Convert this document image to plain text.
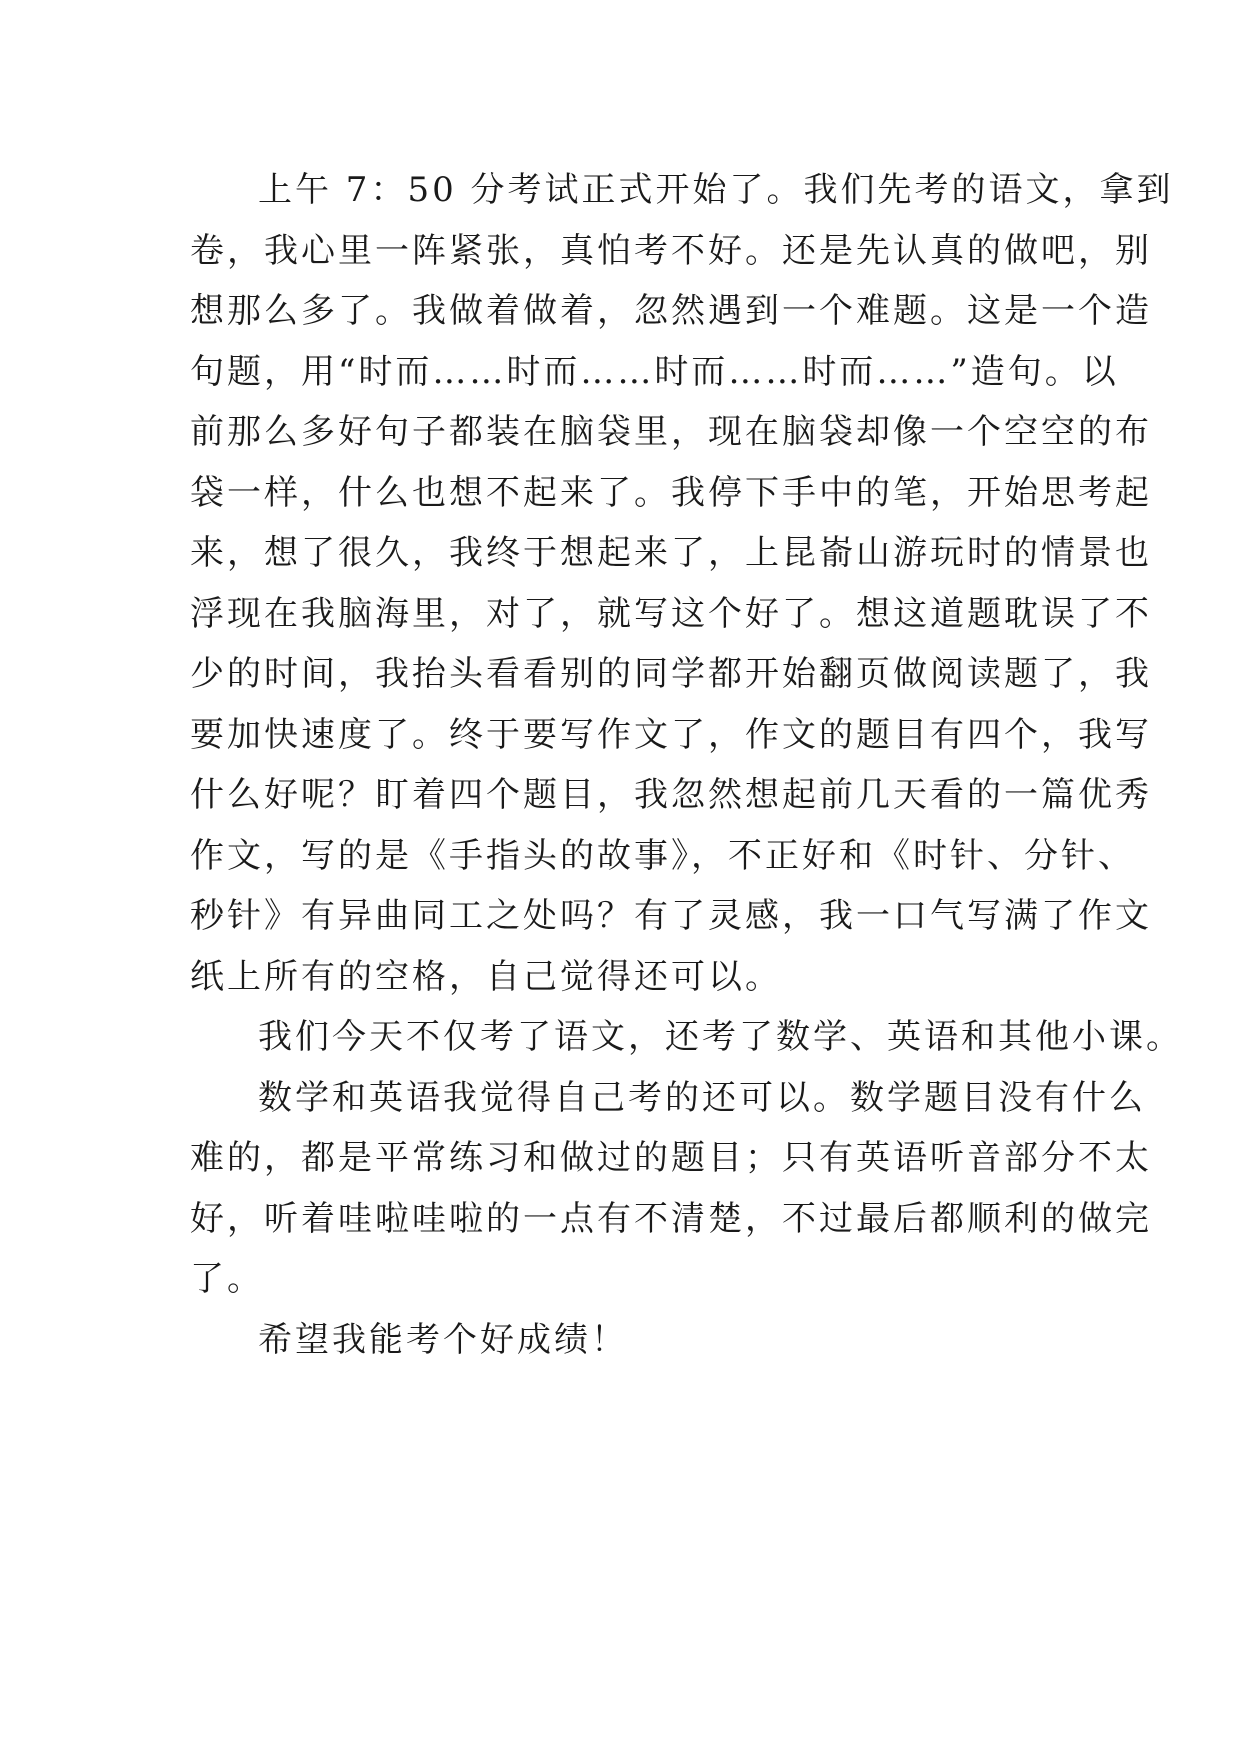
上午 7：50 分考试正式开始了。我们先考的语文，拿到
卷，我心里一阵紧张，真怕考不好。还是先认真的做吧，别
想那么多了。我做着做着，忽然遇到一个难题。这是一个造
句题，用“时而……时而……时而……时而……”造句。以
前那么多好句子都装在脑袋里，现在脑袋却像一个空空的布
袋一样，什么也想不起来了。我停下手中的笔，开始思考起
来，想了很久，我终于想起来了，上昆嵛山游玩时的情景也
浮现在我脑海里，对了，就写这个好了。想这道题耽误了不
少的时间，我抬头看看别的同学都开始翻页做阅读题了，我
要加快速度了。终于要写作文了，作文的题目有四个，我写
什么好呢？盯着四个题目，我忽然想起前几天看的一篇优秀
作文，写的是《手指头的故事》，不正好和《时针、分针、
秒针》有异曲同工之处吗？有了灵感，我一口气写满了作文
纸上所有的空格，自己觉得还可以。
我们今天不仅考了语文，还考了数学、英语和其他小课。
数学和英语我觉得自己考的还可以。数学题目没有什么
难的，都是平常练习和做过的题目；只有英语听音部分不太
好，听着哇啦哇啦的一点有不清楚，不过最后都顺利的做完
了。
希望我能考个好成绩！
